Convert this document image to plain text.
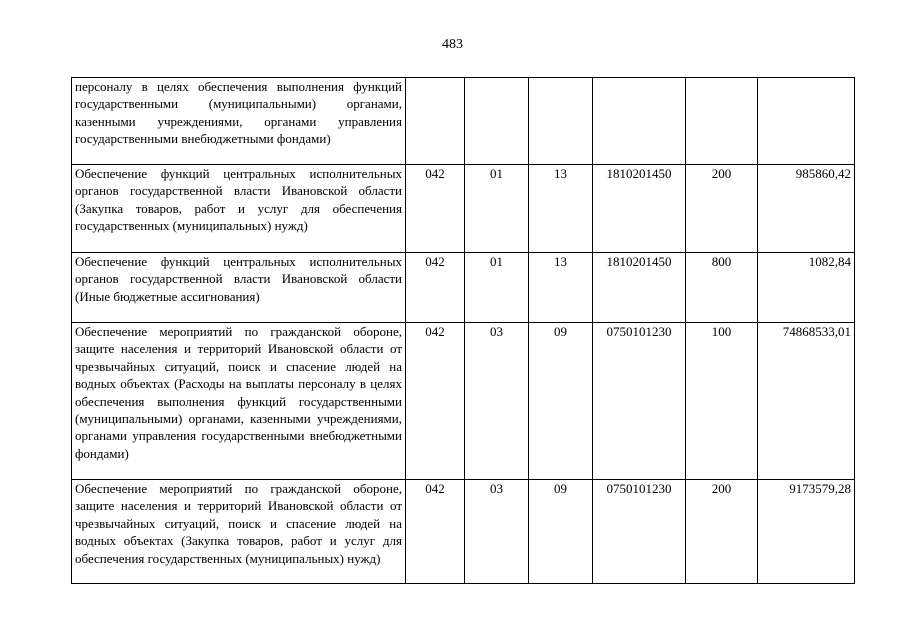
483
персоналу в целях обеспечения выполнения функций государственными (муниципальными) органами, казенными учреждениями, органами управления государственными внебюджетными фондами)						
Обеспечение функций центральных исполнительных органов государственной власти Ивановской области (Закупка товаров, работ и услуг для обеспечения государственных (муниципальных) нужд)	042	01	13	1810201450	200	985860,42
Обеспечение функций центральных исполнительных органов государственной власти Ивановской области (Иные бюджетные ассигнования)	042	01	13	1810201450	800	1082,84
Обеспечение мероприятий по гражданской обороне, защите населения и территорий Ивановской области от чрезвычайных ситуаций, поиск и спасение людей на водных объектах (Расходы на выплаты персоналу в целях обеспечения выполнения функций государственными (муниципальными) органами, казенными учреждениями, органами управления государственными внебюджетными фондами)	042	03	09	0750101230	100	74868533,01
Обеспечение мероприятий по гражданской обороне, защите населения и территорий Ивановской области от чрезвычайных ситуаций, поиск и спасение людей на водных объектах (Закупка товаров, работ и услуг для обеспечения государственных (муниципальных) нужд)	042	03	09	0750101230	200	9173579,28
